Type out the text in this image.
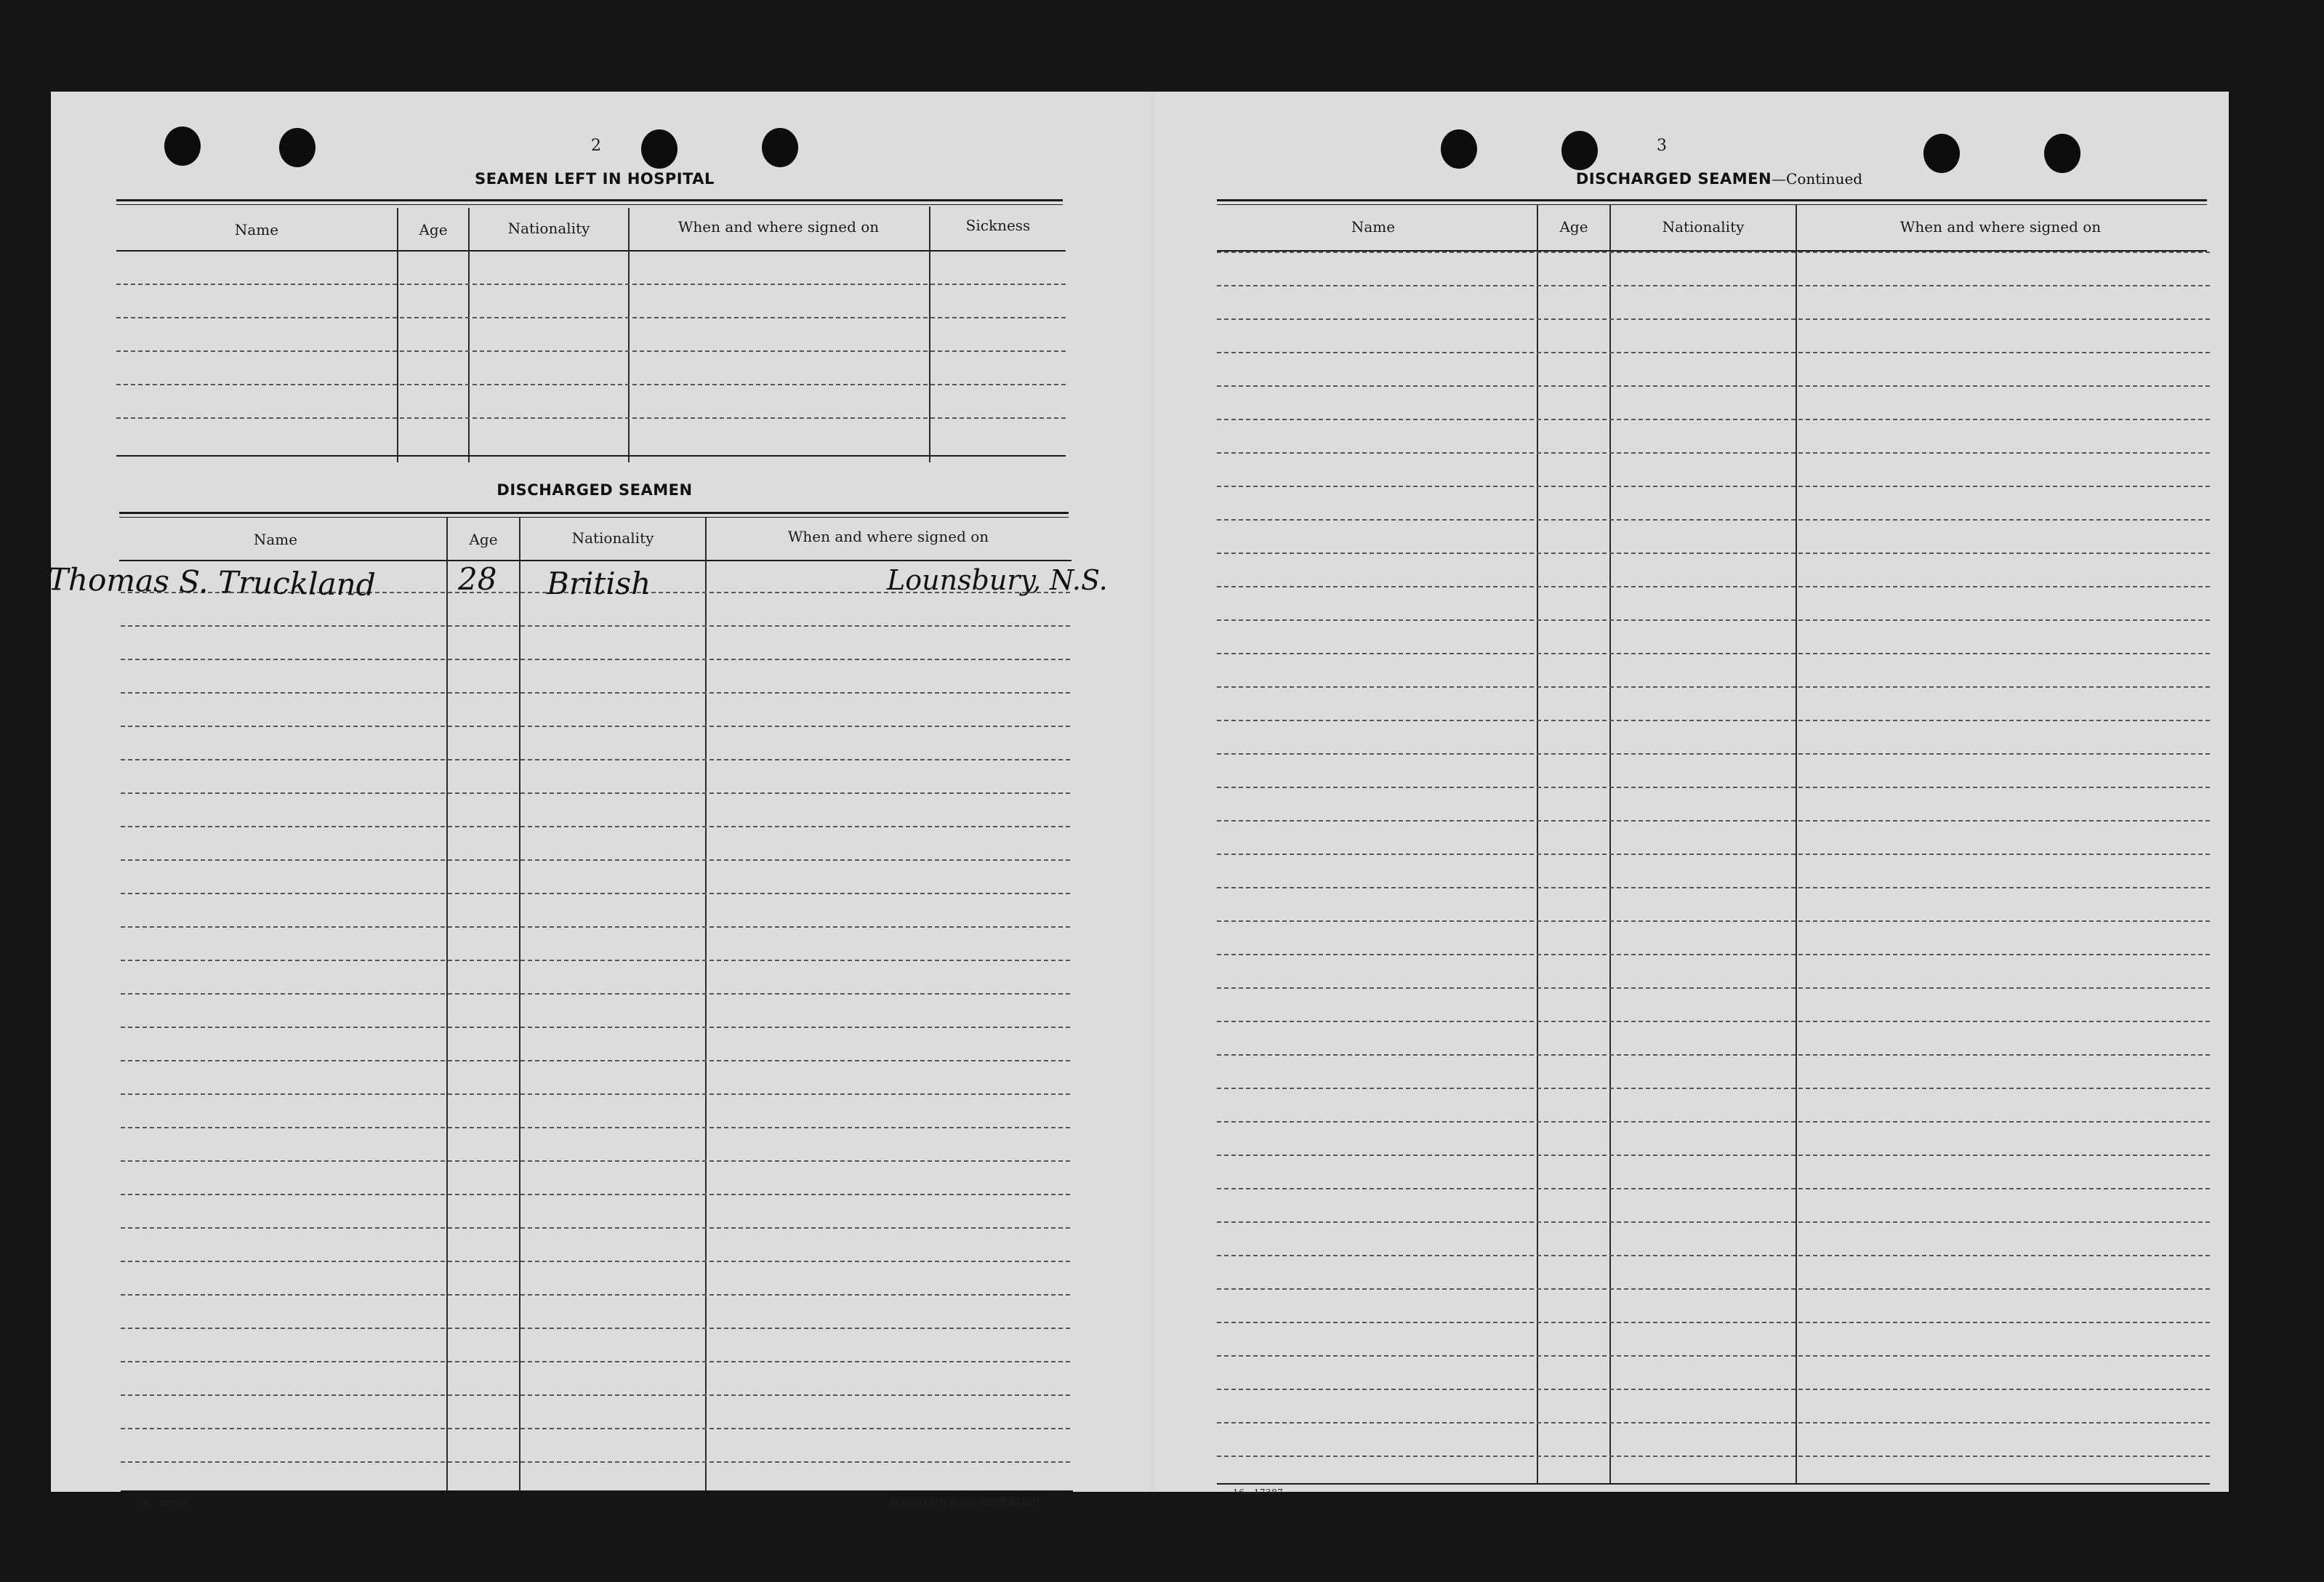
2
SEAMEN LEFT IN HOSPITAL
Name	Age	Nationality	When and where signed on	Sickness
DISCHARGED SEAMEN
Name	Age	Nationality	When and where signed on
Thomas S. Truckland	28 British	Lounsbury, N.S.
16—17387	[CONTINUED ON NEXT PAGE]
3
DISCHARGED SEAMEN—Continued
Name	Age	Nationality	When and where signed on
16—17387
